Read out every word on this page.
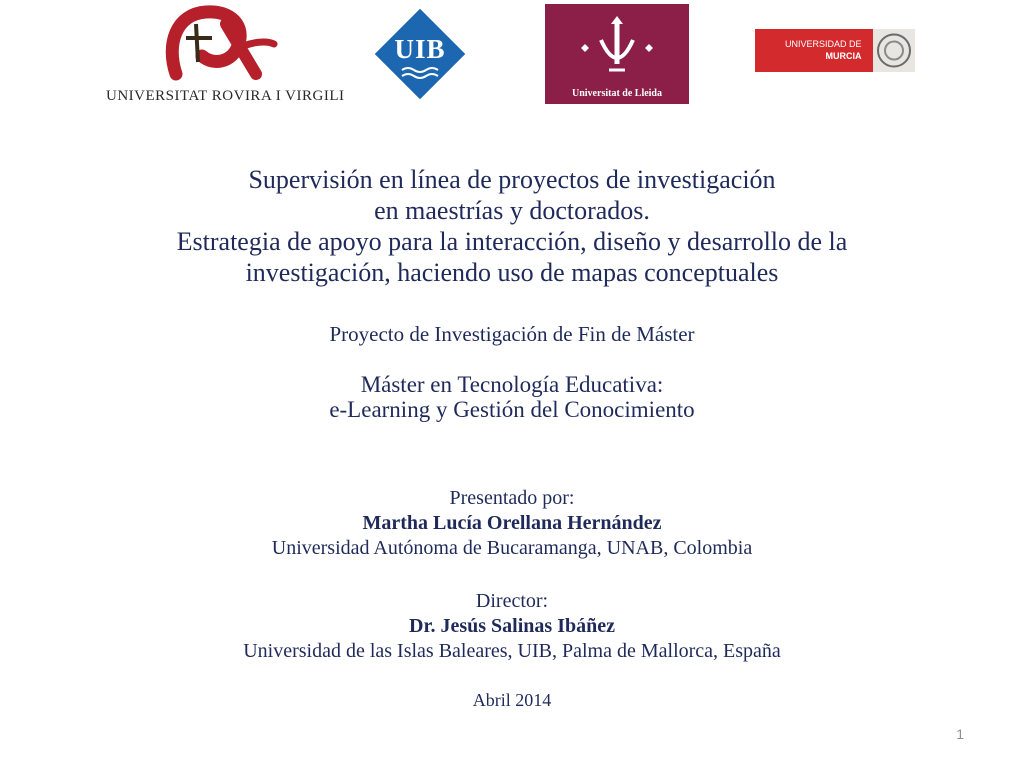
UNIVERSITAT ROVIRA I VIRGILI
UIB
Universitat de Lleida
UNIVERSIDAD DE
MURCIA
Supervisión en línea de proyectos de investigación
en maestrías y doctorados.
Estrategia de apoyo para la interacción, diseño y desarrollo de la
investigación, haciendo uso de mapas conceptuales
Proyecto de Investigación de Fin de Máster
Máster en Tecnología Educativa:
e-Learning y Gestión del Conocimiento
Presentado por:
Martha Lucía Orellana Hernández
Universidad Autónoma de Bucaramanga, UNAB, Colombia
Director:
Dr. Jesús Salinas Ibáñez
Universidad de las Islas Baleares, UIB, Palma de Mallorca, España
Abril 2014
1
